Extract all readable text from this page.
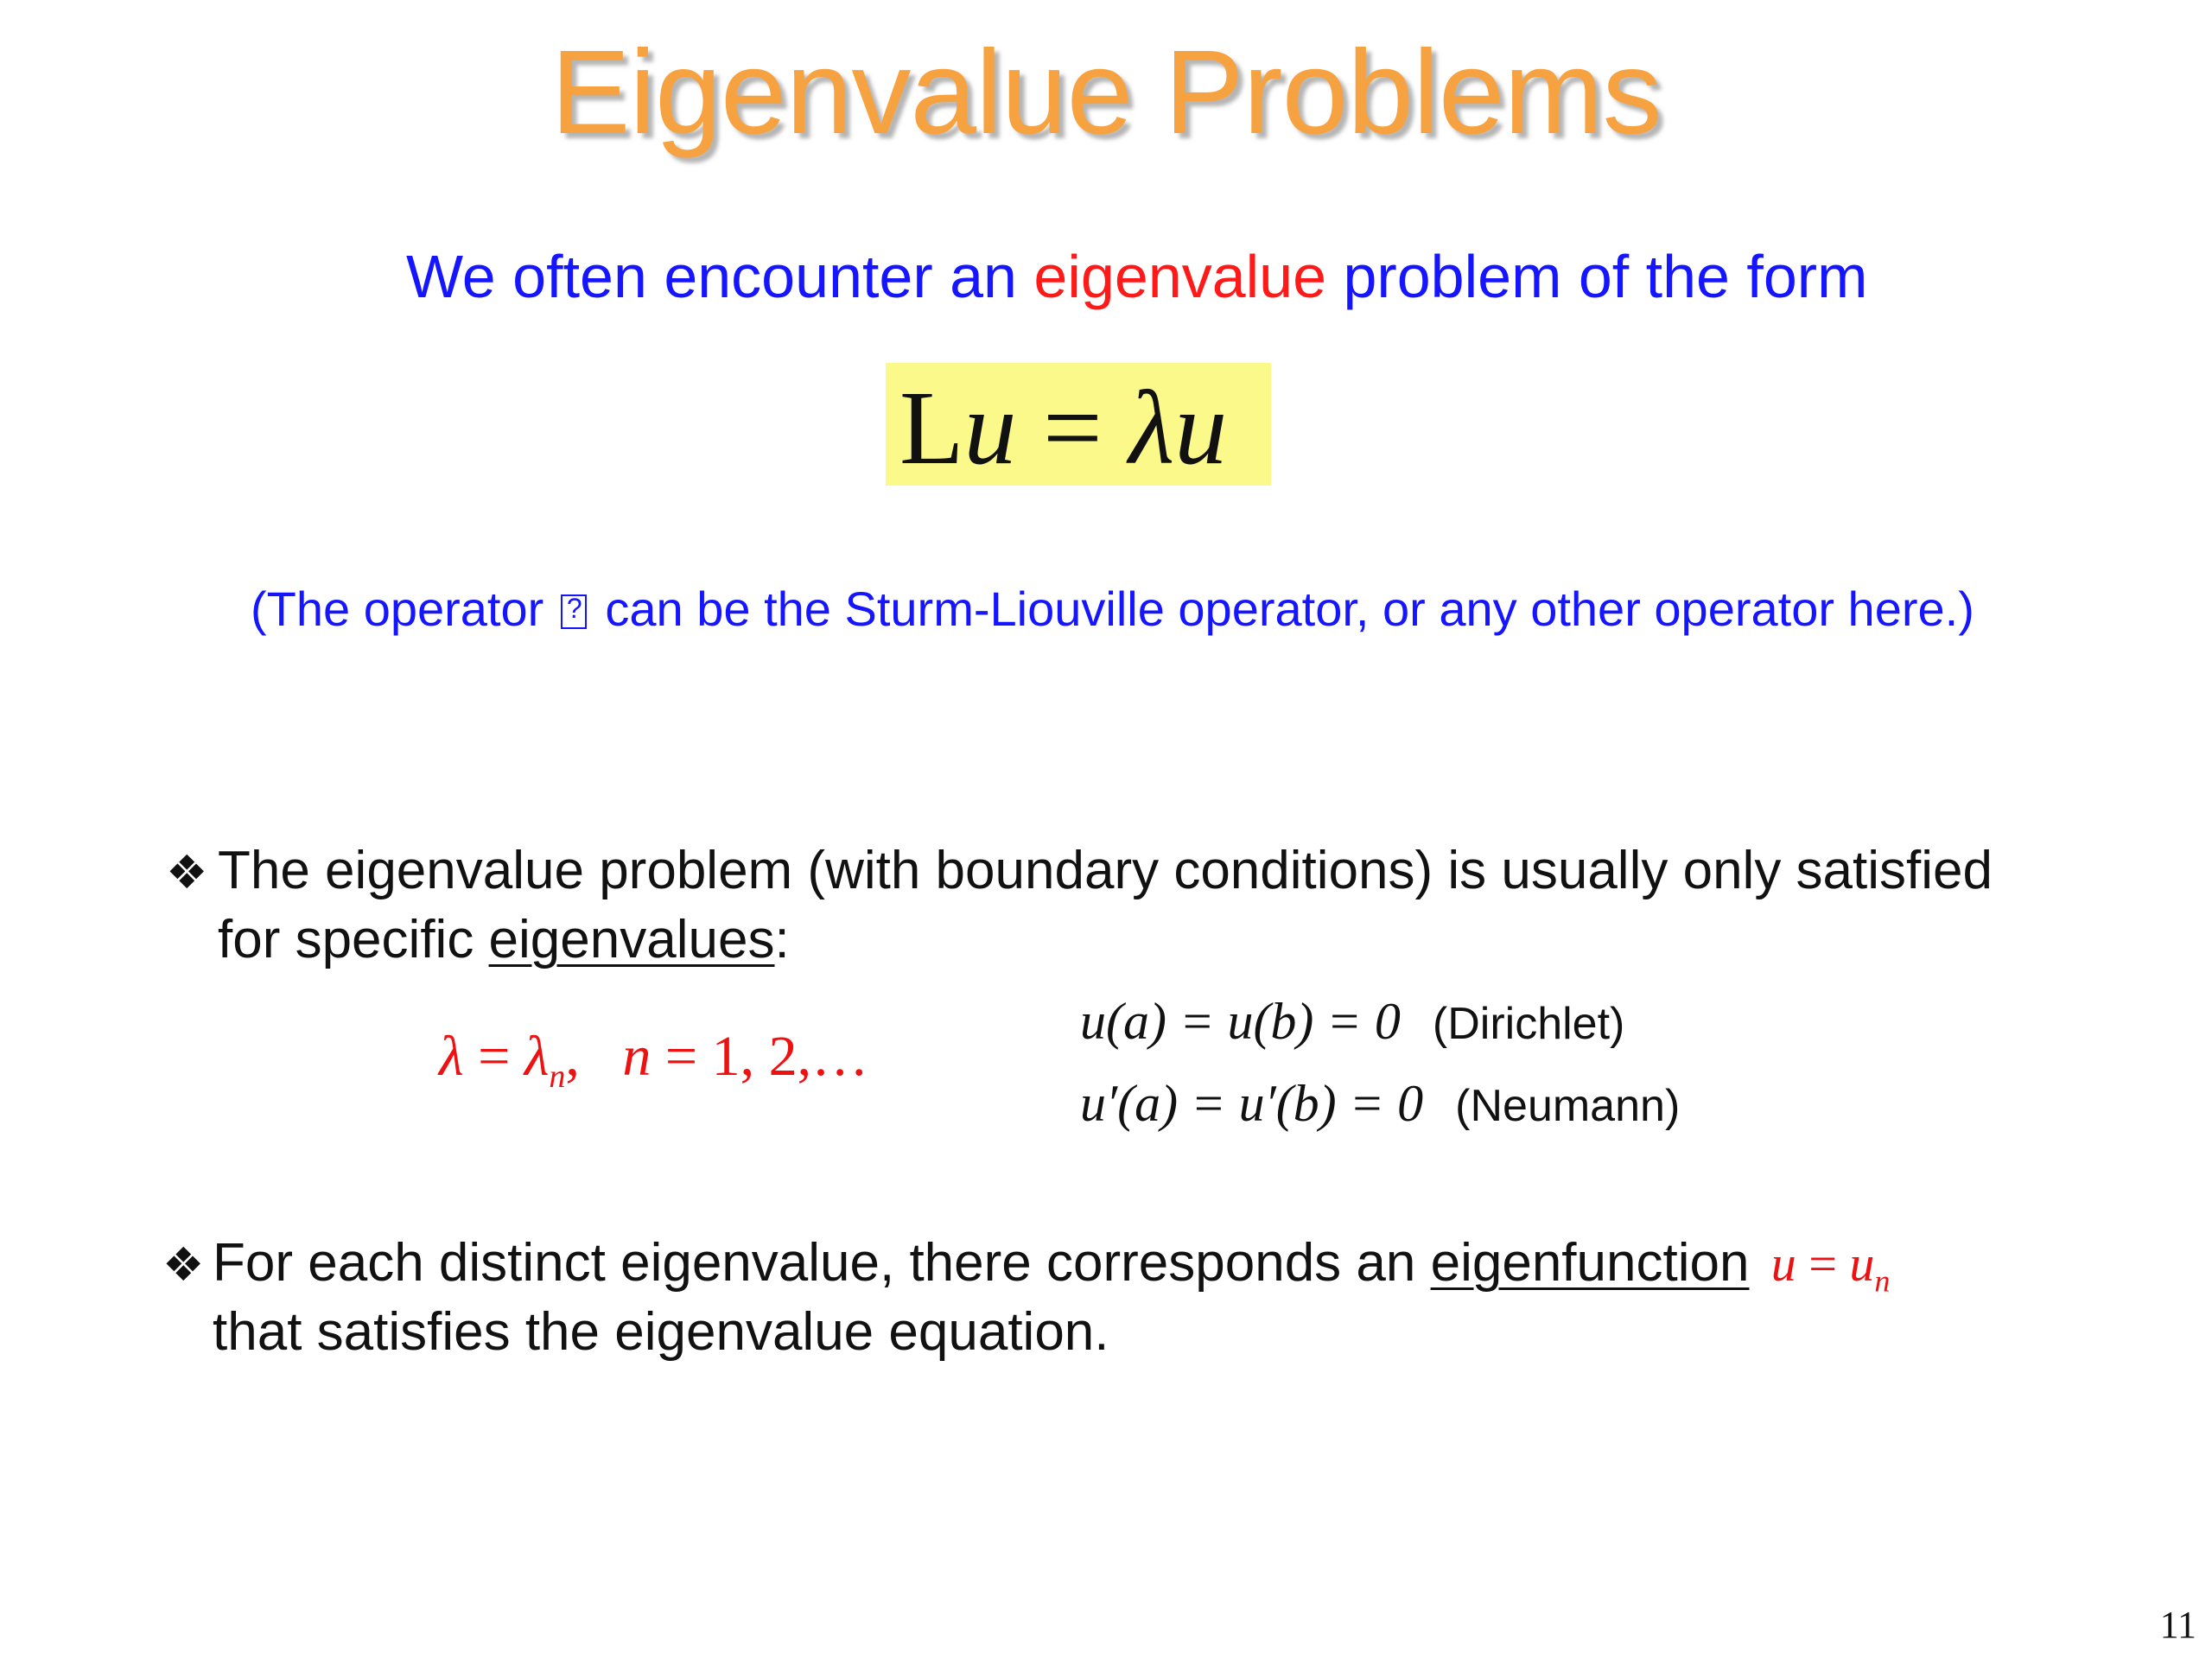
Eigenvalue Problems
We often encounter an eigenvalue problem of the form
Lu = λu
(The operator ? can be the Sturm-Liouville operator, or any other operator here.)
❖ The eigenvalue problem (with boundary conditions) is usually only satisfied
for specific eigenvalues:
$\lambda = \lambda_n$,   n = 1, 2,…
u(a) = u(b) = 0 (Dirichlet)
u′(a) = u′(b) = 0 (Neumann)
❖ For each distinct eigenvalue, there corresponds an eigenfunction $u = u_n$
that satisfies the eigenvalue equation.
11
